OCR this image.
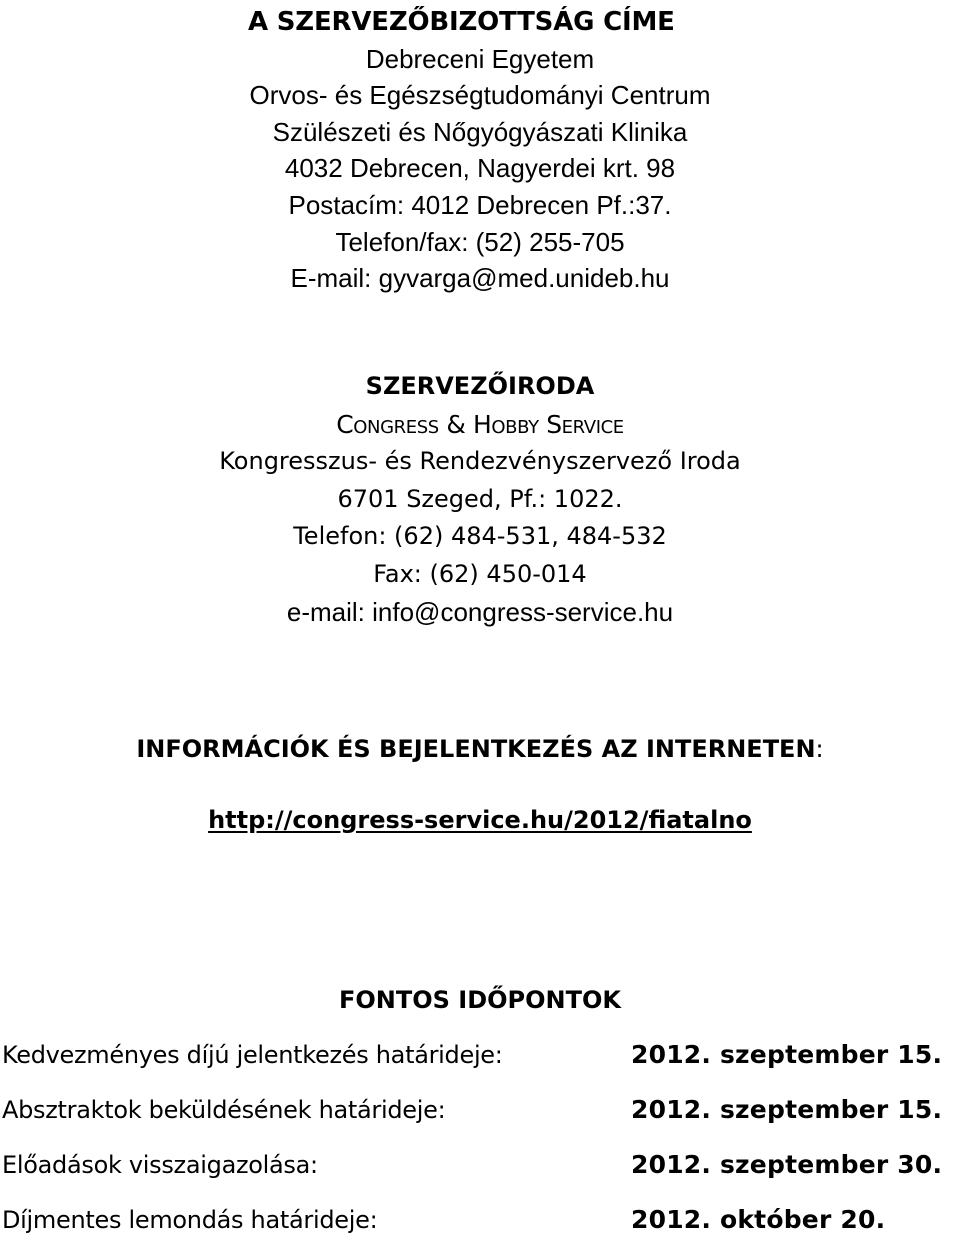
A SZERVEZŐBIZOTTSÁG CÍME
Debreceni Egyetem
Orvos- és Egészségtudományi Centrum
Szülészeti és Nőgyógyászati Klinika
4032 Debrecen, Nagyerdei krt. 98
Postacím: 4012 Debrecen Pf.:37.
Telefon/fax: (52) 255-705
E-mail: gyvarga@med.unideb.hu
SZERVEZŐIRODA
Congress & Hobby Service
Kongresszus- és Rendezvényszervező Iroda
6701 Szeged, Pf.: 1022.
Telefon: (62) 484-531, 484-532
Fax: (62) 450-014
e-mail: info@congress-service.hu
INFORMÁCIÓK ÉS BEJELENTKEZÉS AZ INTERNETEN:
http://congress-service.hu/2012/fiatalno
FONTOS IDŐPONTOK
Kedvezményes díjú jelentkezés határideje:	2012. szeptember 15.
Absztraktok beküldésének határideje:	2012. szeptember 15.
Előadások visszaigazolása:	2012. szeptember 30.
Díjmentes lemondás határideje:	2012. október 20.
